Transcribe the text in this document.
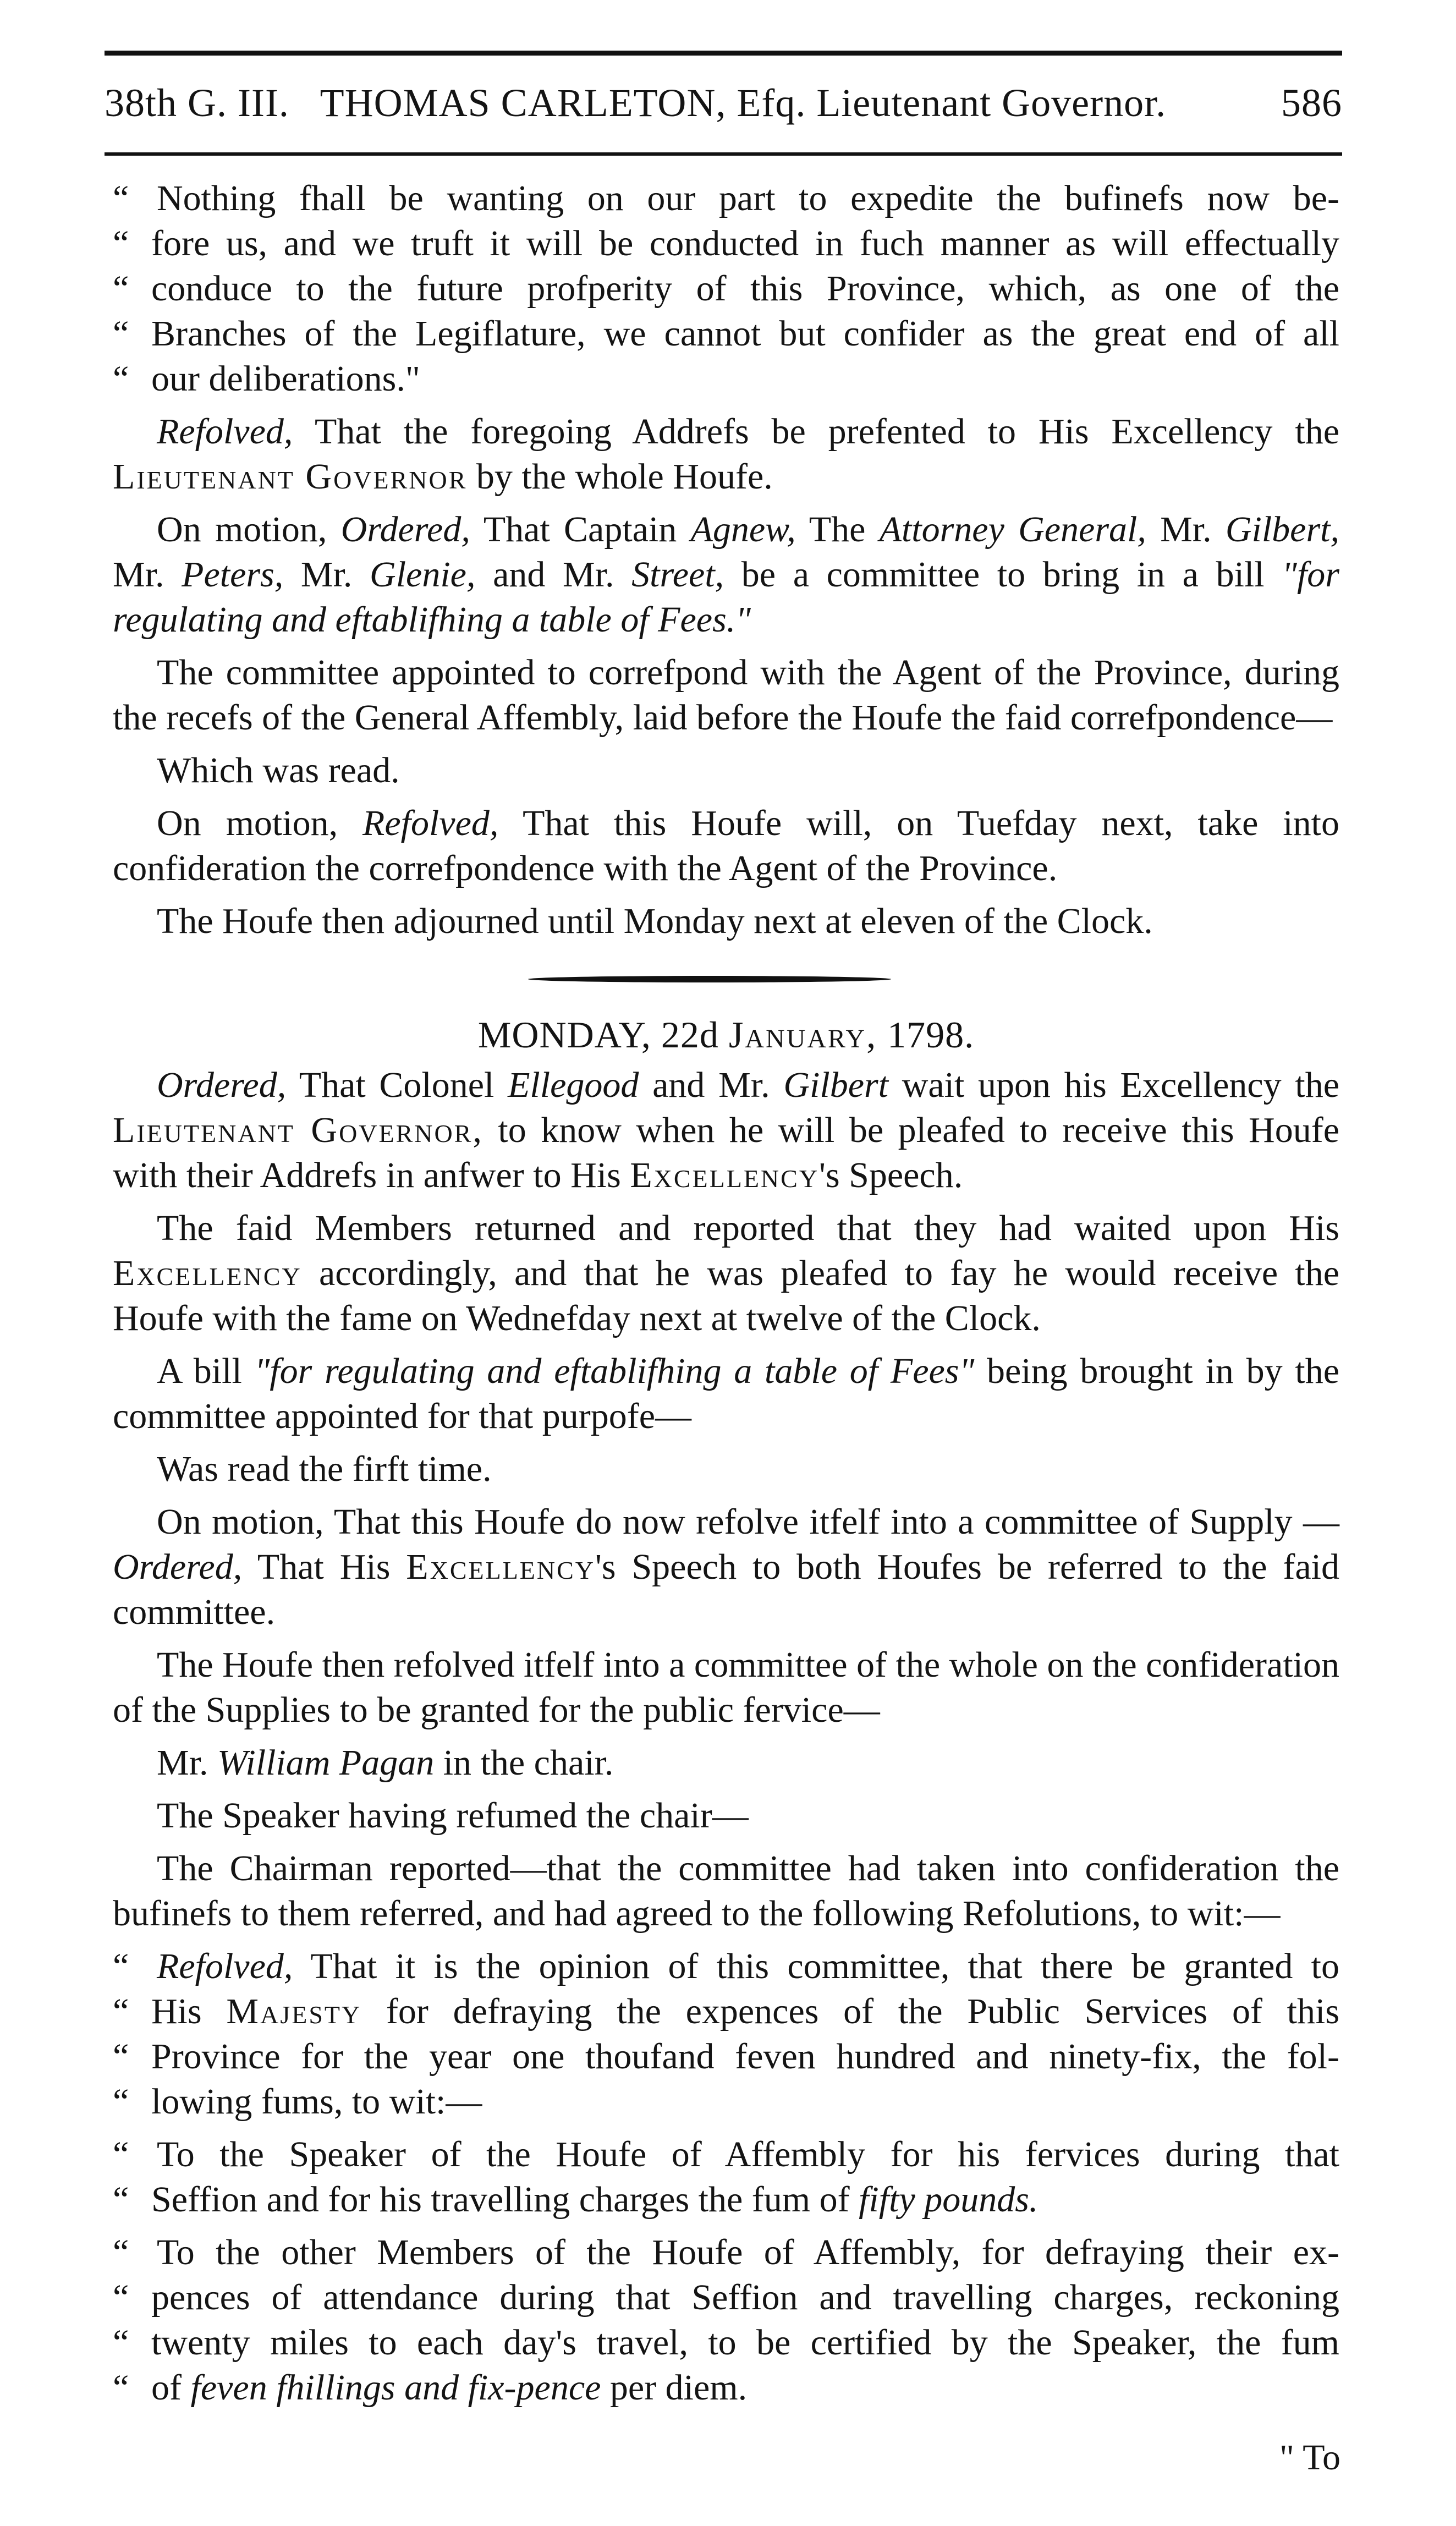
38th G. III. THOMAS CARLETON, Efq. Lieutenant Governor.	586
“ Nothing fhall be wanting on our part to expedite the bufinefs now be-
“ fore us, and we truft it will be conducted in fuch manner as will effectually
“ conduce to the future profperity of this Province, which, as one of the
“ Branches of the Legiflature, we cannot but confider as the great end of all
“ our deliberations."

Refolved, That the foregoing Addrefs be prefented to His Excellency the Lieutenant Governor by the whole Houfe.

On motion, Ordered, That Captain Agnew, The Attorney General, Mr. Gilbert, Mr. Peters, Mr. Glenie, and Mr. Street, be a committee to bring in a bill "for regulating and eftablifhing a table of Fees."

The committee appointed to correfpond with the Agent of the Province, during the recefs of the General Affembly, laid before the Houfe the faid correfpondence—

Which was read.

On motion, Refolved, That this Houfe will, on Tuefday next, take into confideration the correfpondence with the Agent of the Province.

The Houfe then adjourned until Monday next at eleven of the Clock.

MONDAY, 22d January, 1798.

Ordered, That Colonel Ellegood and Mr. Gilbert wait upon his Excellency the Lieutenant Governor, to know when he will be pleafed to receive this Houfe with their Addrefs in anfwer to His Excellency's Speech.

The faid Members returned and reported that they had waited upon His Excellency accordingly, and that he was pleafed to fay he would receive the Houfe with the fame on Wednefday next at twelve of the Clock.

A bill "for regulating and eftablifhing a table of Fees" being brought in by the committee appointed for that purpofe—

Was read the firft time.

On motion, That this Houfe do now refolve itfelf into a committee of Supply —Ordered, That His Excellency's Speech to both Houfes be referred to the faid committee.

The Houfe then refolved itfelf into a committee of the whole on the confideration of the Supplies to be granted for the public fervice—

Mr. William Pagan in the chair.

The Speaker having refumed the chair—

The Chairman reported—that the committee had taken into confideration the bufinefs to them referred, and had agreed to the following Refolutions, to wit:—

“ Refolved, That it is the opinion of this committee, that there be granted to
“ His Majesty for defraying the expences of the Public Services of this
“ Province for the year one thoufand feven hundred and ninety-fix, the fol-
“ lowing fums, to wit:—
“ To the Speaker of the Houfe of Affembly for his fervices during that
“ Seffion and for his travelling charges the fum of fifty pounds.
“ To the other Members of the Houfe of Affembly, for defraying their ex-
“ pences of attendance during that Seffion and travelling charges, reckoning
“ twenty miles to each day's travel, to be certified by the Speaker, the fum
“ of feven fhillings and fix-pence per diem.
" To
